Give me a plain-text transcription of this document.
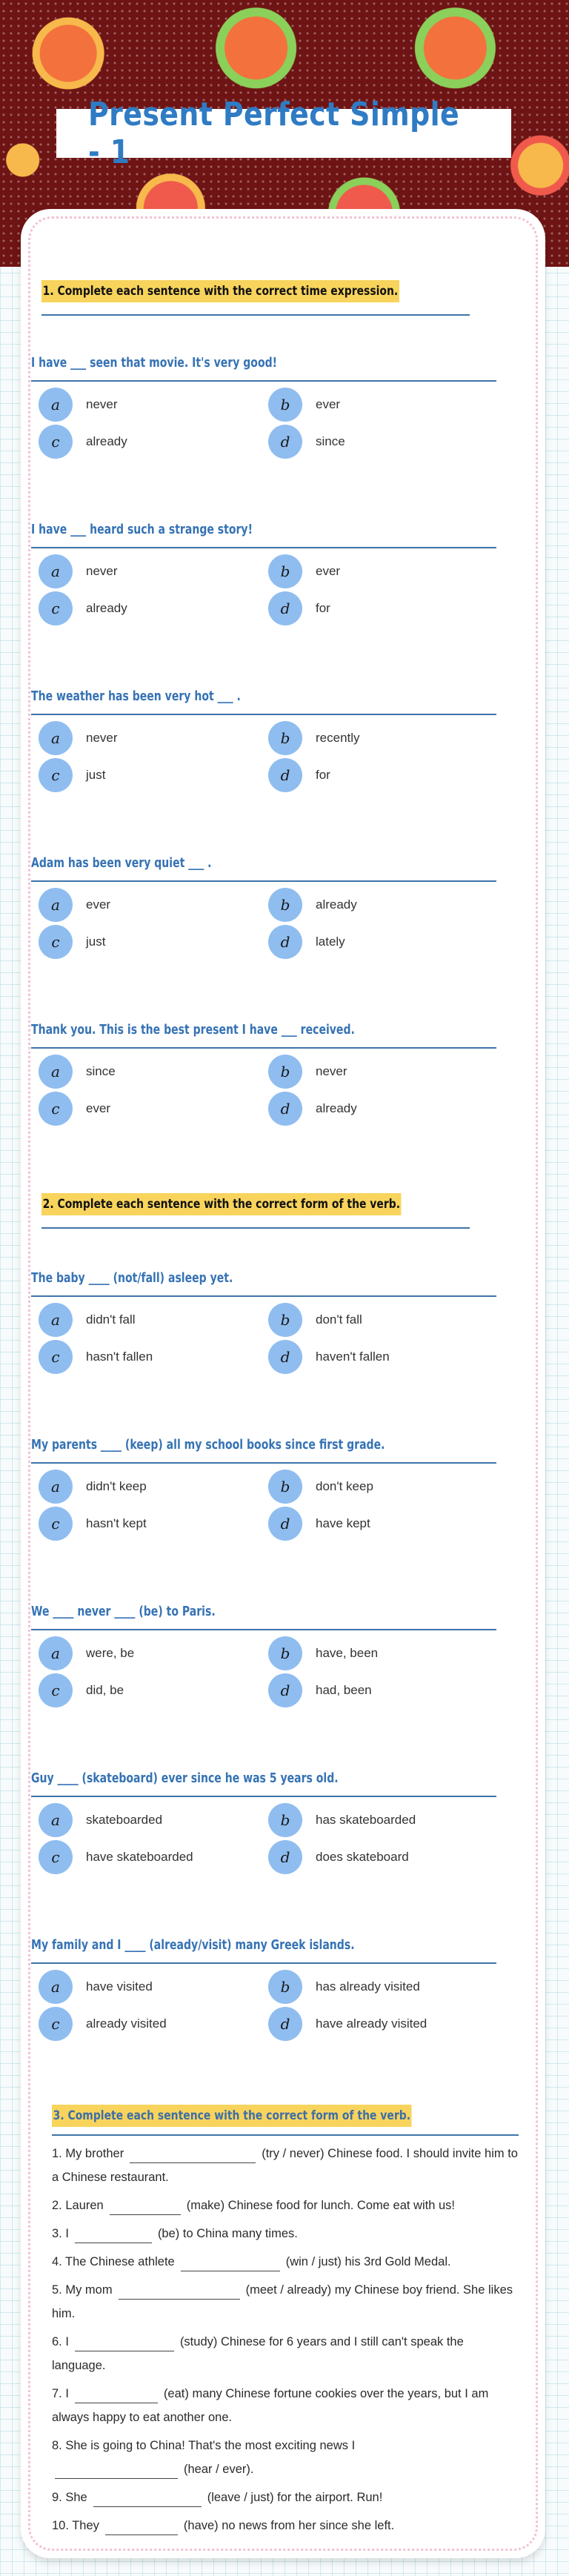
Present Perfect Simple - 1
1. Complete each sentence with the correct time expression.
I have ___ seen that movie. It's very good!
a	never	b	ever
c	already	d	since
I have ___ heard such a strange story!
a	never	b	ever
c	already	d	for
The weather has been very hot ___ .
a	never	b	recently
c	just	d	for
Adam has been very quiet ___ .
a	ever	b	already
c	just	d	lately
Thank you. This is the best present I have ___ received.
a	since	b	never
c	ever	d	already
2. Complete each sentence with the correct form of the verb.
The baby ____ (not/fall) asleep yet.
a	didn't fall	b	don't fall
c	hasn't fallen	d	haven't fallen
My parents ____ (keep) all my school books since first grade.
a	didn't keep	b	don't keep
c	hasn't kept	d	have kept
We ____ never ____ (be) to Paris.
a	were, be	b	have, been
c	did, be	d	had, been
Guy ____ (skateboard) ever since he was 5 years old.
a	skateboarded	b	has skateboarded
c	have skateboarded	d	does skateboard
My family and I ____ (already/visit) many Greek islands.
a	have visited	b	has already visited
c	already visited	d	have already visited
3. Complete each sentence with the correct form of the verb.
1. My brother	(try / never) Chinese food. I should invite him to a Chinese restaurant.
2. Lauren	(make) Chinese food for lunch. Come eat with us!
3. I	(be) to China many times.
4. The Chinese athlete	(win / just) his 3rd Gold Medal.
5. My mom	(meet / already) my Chinese boy friend. She likes him.
6. I	(study) Chinese for 6 years and I still can't speak the language.
7. I	(eat) many Chinese fortune cookies over the years, but I am always happy to eat another one.
8. She is going to China! That's the most exciting news I
(hear / ever).
9. She	(leave / just) for the airport. Run!
10. They	(have) no news from her since she left.
